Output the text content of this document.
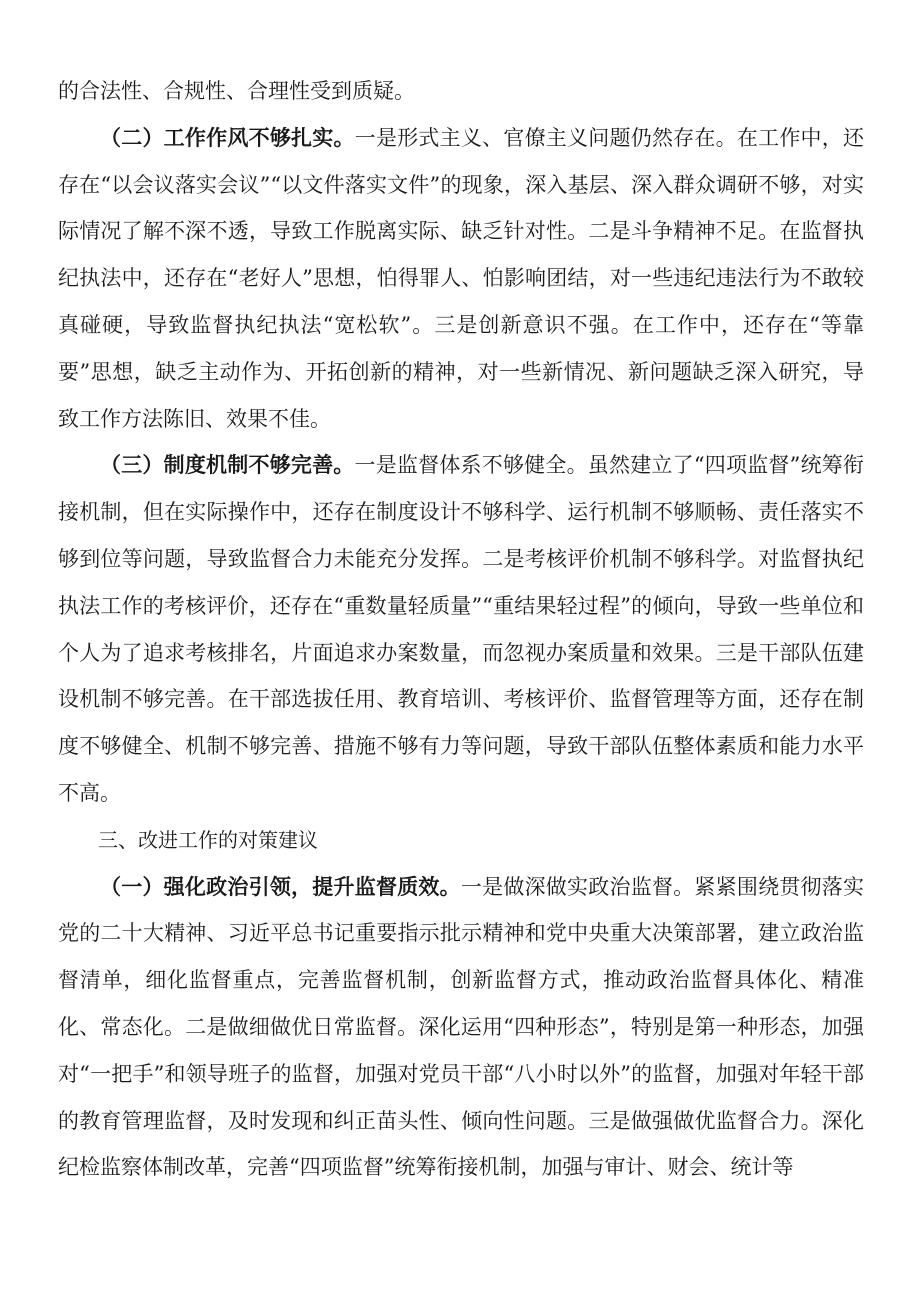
的合法性、合规性、合理性受到质疑。

（二）工作作风不够扎实。一是形式主义、官僚主义问题仍然存在。在工作中，还存在“以会议落实会议”“以文件落实文件”的现象，深入基层、深入群众调研不够，对实际情况了解不深不透，导致工作脱离实际、缺乏针对性。二是斗争精神不足。在监督执纪执法中，还存在“老好人”思想，怕得罪人、怕影响团结，对一些违纪违法行为不敢较真碰硬，导致监督执纪执法“宽松软”。三是创新意识不强。在工作中，还存在“等靠要”思想，缺乏主动作为、开拓创新的精神，对一些新情况、新问题缺乏深入研究，导致工作方法陈旧、效果不佳。

（三）制度机制不够完善。一是监督体系不够健全。虽然建立了“四项监督”统筹衔接机制，但在实际操作中，还存在制度设计不够科学、运行机制不够顺畅、责任落实不够到位等问题，导致监督合力未能充分发挥。二是考核评价机制不够科学。对监督执纪执法工作的考核评价，还存在“重数量轻质量”“重结果轻过程”的倾向，导致一些单位和个人为了追求考核排名，片面追求办案数量，而忽视办案质量和效果。三是干部队伍建设机制不够完善。在干部选拔任用、教育培训、考核评价、监督管理等方面，还存在制度不够健全、机制不够完善、措施不够有力等问题，导致干部队伍整体素质和能力水平不高。

三、改进工作的对策建议

（一）强化政治引领，提升监督质效。一是做深做实政治监督。紧紧围绕贯彻落实党的二十大精神、习近平总书记重要指示批示精神和党中央重大决策部署，建立政治监督清单，细化监督重点，完善监督机制，创新监督方式，推动政治监督具体化、精准化、常态化。二是做细做优日常监督。深化运用“四种形态”，特别是第一种形态，加强对“一把手”和领导班子的监督，加强对党员干部“八小时以外”的监督，加强对年轻干部的教育管理监督，及时发现和纠正苗头性、倾向性问题。三是做强做优监督合力。深化纪检监察体制改革，完善“四项监督”统筹衔接机制，加强与审计、财会、统计等
